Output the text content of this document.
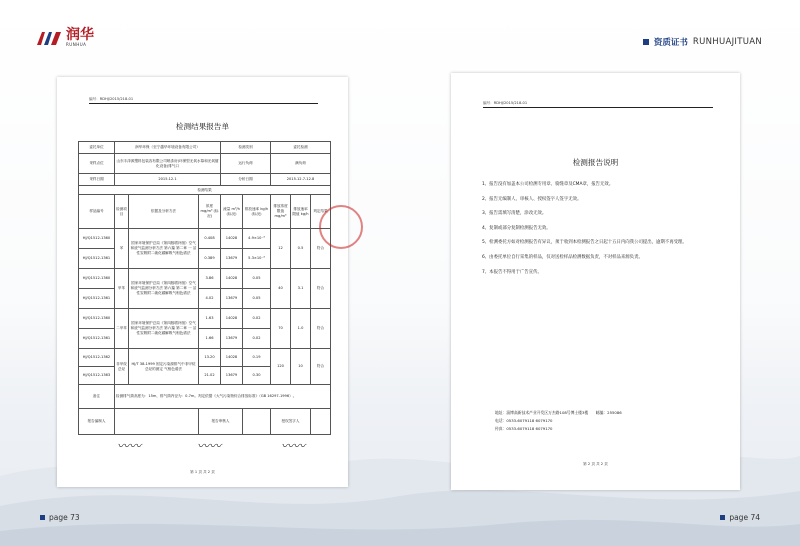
润华
RUNHUA	资质证书 RUNHUAJITUAN
编号：RDHJ/2015/218-01
检测结果报告单
委托单位	润华环保（至宁越华环境设备有限公司）			检测类别		委托检测		
采样点位	山东丰泽源塑料包装容有限公司喷漆房(环保型无氧水幕和光氧催化设备)排气口			运行负荷		满负荷		
采样日期	2015.12.1			分析日期		2015.12.7-12.8		
检测结果								
样品编号	检测项目	依据及分析方法	浓度 mg/m³ (标况)	流量 m³/h (标况)	排放速率 kg/h (标况)	排放浓度限值 mg/m³	排放速率限值 kg/h	判定结果
HJ/Q1512-1360	苯	国家环境保护总局《第四版增补版》空气和废气监测分析方法 第六篇 第二章 一 活性炭吸附二硫化碳解吸气相色谱法	0.408	14028	4.9×10⁻³	12	0.5	符合
HJ/Q1512-1361			0.389	13679	5.3×10⁻³			
HJ/Q1512-1360	甲苯	国家环境保护总局《第四版增补版》空气和废气监测分析方法 第六篇 第二章 一 活性炭吸附二硫化碳解吸气相色谱法	3.86	14028	0.05	40	3.1	符合
HJ/Q1512-1361			4.02	13679	0.05			
HJ/Q1512-1360	二甲苯	国家环境保护总局《第四版增补版》空气和废气监测分析方法 第六篇 第二章 一 活性炭吸附二硫化碳解吸气相色谱法	1.63	14028	0.02	70	1.0	符合
HJ/Q1512-1361			1.66	13679	0.02			
HJ/Q1512-1362	非甲烷总烃	HJ/T 38-1999 固定污染源排气中非甲烷总烃的测定 气相色谱法	13.20	14028	0.19	120	10	符合
HJ/Q1512-1363			21.02	13679	0.30			
备注	检测排气筒高度为：15m，排气筒内径为：0.7m。判定依据《大气污染物综合排放标准》（GB 16297-1996）。							
报告编制人			报告审核人			授权签字人		
〰〰	〰〰	〰〰
第 1 页 共 2 页
编号：RDHJ/2015/218-01
检测报告说明
1、报告没有加盖本公司检测专用章、骑缝章及CMA章，报告无效。
2、报告无编制人、审核人、授权签字人签字无效。
3、报告需填写清楚，涂改无效。
4、复制或部分复制检测报告无效。
5、检测委托方如对检测报告有异议，须于收到本检测报告之日起十五日内向我公司提出，逾期不再受理。
6、由委托单位自行采集的样品，仅对送检样品检测数据负责，不对样品来源负责。
7、本报告不得用于广告宣传。
地址：淄博高新技术产业开发区万杰路108号博士楼3楼　　邮编：255086
电话：0533-6079118 6079170
传真：0533-6079118 6079170
第 2 页 共 2 页
page 73	page 74
